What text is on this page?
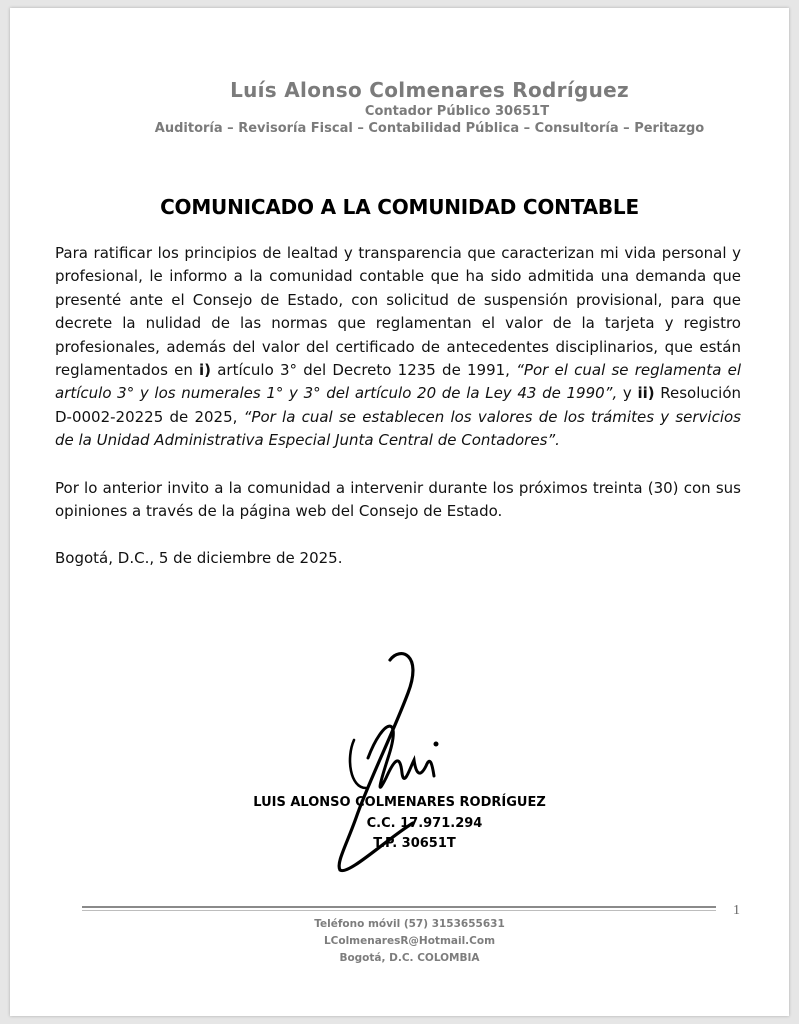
Luís Alonso Colmenares Rodríguez
Contador Público 30651T
Auditoría – Revisoría Fiscal – Contabilidad Pública – Consultoría – Peritazgo
COMUNICADO A LA COMUNIDAD CONTABLE

Para ratificar los principios de lealtad y transparencia que caracterizan mi vida personal y profesional, le informo a la comunidad contable que ha sido admitida una demanda que presenté ante el Consejo de Estado, con solicitud de suspensión provisional, para que decrete la nulidad de las normas que reglamentan el valor de la tarjeta y registro profesionales, además del valor del certificado de antecedentes disciplinarios, que están reglamentados en i) artículo 3° del Decreto 1235 de 1991, “Por el cual se reglamenta el artículo 3° y los numerales 1° y 3° del artículo 20 de la Ley 43 de 1990”, y ii) Resolución D-0002-20225 de 2025, “Por la cual se establecen los valores de los trámites y servicios de la Unidad Administrativa Especial Junta Central de Contadores”.

Por lo anterior invito a la comunidad a intervenir durante los próximos treinta (30) con sus opiniones a través de la página web del Consejo de Estado.

Bogotá, D.C., 5 de diciembre de 2025.

LUIS ALONSO COLMENARES RODRÍGUEZ
C.C. 17.971.294
T.P. 30651T
1
Teléfono móvil (57) 3153655631
LColmenaresR@Hotmail.Com
Bogotá, D.C. COLOMBIA
